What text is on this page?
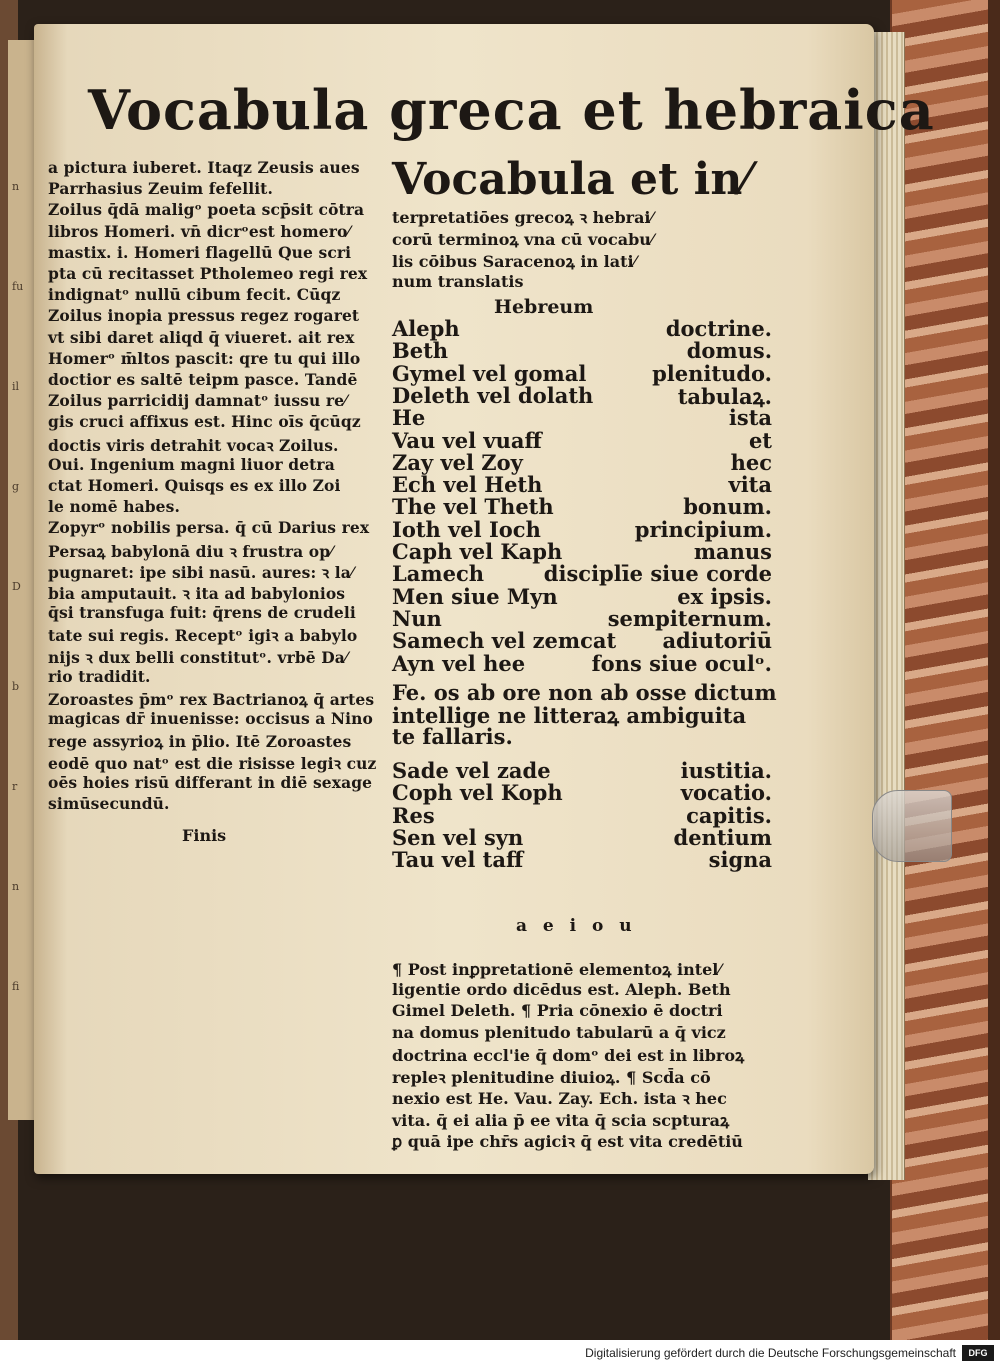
n
fu
il
g
D
b
r
n
fi
Vocabula greca et hebraica
a pictura iuberet. Itaqz Zeusis aues
Parrhasius Zeuim fefellit.
Zoilus q̄dā maligᵒ poeta scp̄sit cōtra
libros Homeri. vn̄ dicrᵒest homero⁄
mastix. i. Homeri flagellū Que scri
pta cū recitasset Ptholemeo regi rex
indignatᵒ nullū cibum fecit. Cūqz
Zoilus inopia pressus regez rogaret
vt sibi daret aliqd q̄ viueret. ait rex
Homerᵒ m̄ltos pascit: qre tu qui illo
doctior es saltē teipm pasce. Tandē
Zoilus parricidij damnatᵒ iussu re⁄
gis cruci affixus est. Hinc oīs q̄cūqz
doctis viris detrahit vocaꝛ Zoilus.
Oui. Ingenium magni liuor detra
ctat Homeri. Quisqs es ex illo Zoi
le nomē habes.
Zopyrᵒ nobilis persa. q̄ cū Darius rex
Persaꝝ babylonā diu ꝛ frustra op⁄
pugnaret: ipe sibi nasū. aures: ꝛ la⁄
bia amputauit. ꝛ ita ad babylonios
q̄si transfuga fuit: q̄rens de crudeli
tate sui regis. Receptᵒ igiꝛ a babylo
nijs ꝛ dux belli constitutᵒ. vrbē Da⁄
rio tradidit.
Zoroastes p̄mᵒ rex Bactrianoꝝ q̄ artes
magicas dr̄ inuenisse: occisus a Nino
rege assyrioꝝ in p̄lio. Itē Zoroastes
eodē quo natᵒ est die risisse legiꝛ cuz
oēs hoies risū differant in diē sexage
simūsecundū.
Finis
Vocabula et in⁄
terpretatiōes grecoꝝ ꝛ hebrai⁄
corū terminoꝝ vna cū vocabu⁄
lis cōibus Saracenoꝝ in lati⁄
num translatis
Hebreum
Aleph	doctrine.
Beth	domus.
Gymel vel gomal	plenitudo.
Deleth vel dolath	tabulaꝝ.
He	ista
Vau vel vuaff	et
Zay vel Zoy	hec
Ech vel Heth	vita
The vel Theth	bonum.
Ioth vel Ioch	principium.
Caph vel Kaph	manus
Lamech	disciplīe siue corde
Men siue Myn	ex ipsis.
Nun	sempiternum.
Samech vel zemcat	adiutoriū
Ayn vel hee	fons siue oculᵒ.
Fe. os ab ore non ab osse dictum
intellige ne litteraꝝ ambiguita
te fallaris.
Sade vel zade	iustitia.
Coph vel Koph	vocatio.
Res	capitis.
Sen vel syn	dentium
Tau vel taff	signa
a e i o u
¶ Post inꝑpretationē elementoꝝ intel⁄
ligentie ordo dicēdus est. Aleph. Beth
Gimel Deleth. ¶ Pria cōnexio ē doctri
na domus plenitudo tabularū a q̄ vicz
doctrina eccl'ie q̄ domᵒ dei est in libroꝝ
repleꝛ plenitudine diuioꝝ. ¶ Scd̄a cō
nexio est He. Vau. Zay. Ech. ista ꝛ hec
vita. q̄ ei alia p̄ ee vita q̄ scia scpturaꝝ
ꝑ quā ipe chr̄s agiciꝛ q̄ est vita credētiū
Digitalisierung gefördert durch die Deutsche Forschungsgemeinschaft	DFG
